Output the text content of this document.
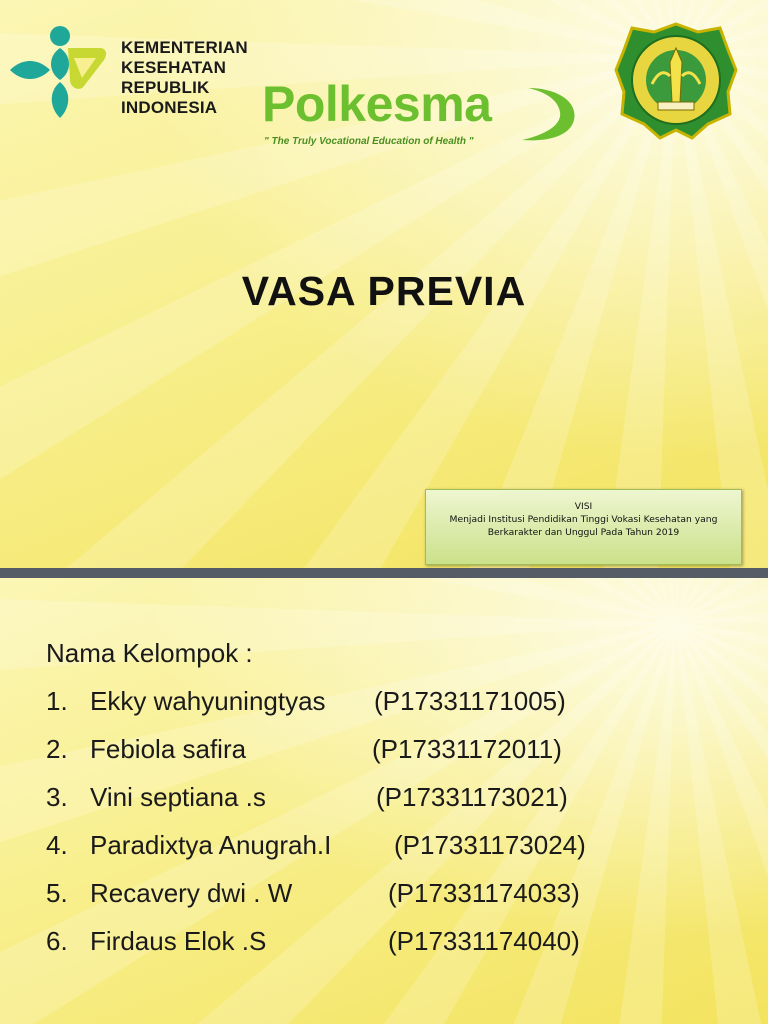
KEMENTERIAN
KESEHATAN
REPUBLIK
INDONESIA Polkesma

" The Truly Vocational Education of Health "

VASA PREVIA

VISI

Menjadi Institusi Pendidikan Tinggi Vokasi Kesehatan yang

Berkarakter dan Unggul Pada Tahun 2019

Nama Kelompok :

1. Ekky wahyuningtyas (P17331171005)
2. Febiola safira	(P17331172011)
3. Vini septiana .s	(P17331173021)
4. Paradixtya Anugrah.I (P17331173024)
5. Recavery dwi . W	(P17331174033)
6. Firdaus Elok .S	(P17331174040)
